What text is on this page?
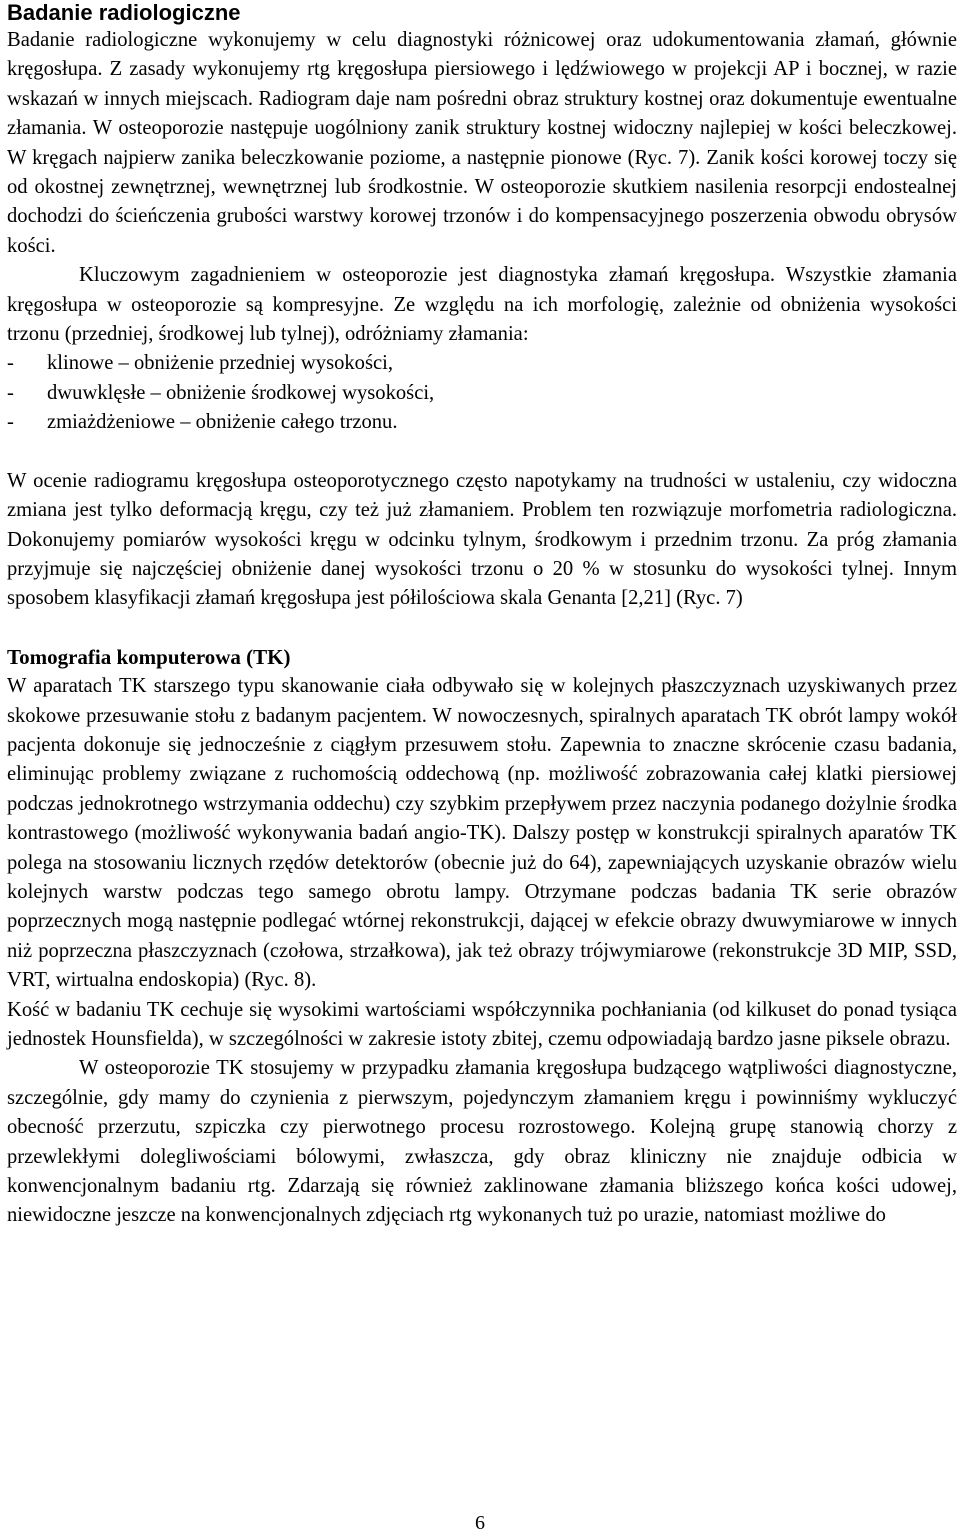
Badanie radiologiczne

Badanie radiologiczne wykonujemy w celu diagnostyki różnicowej oraz udokumentowania złamań, głównie kręgosłupa. Z zasady wykonujemy rtg kręgosłupa piersiowego i lędźwiowego w projekcji AP i bocznej, w razie wskazań w innych miejscach. Radiogram daje nam pośredni obraz struktury kostnej oraz dokumentuje ewentualne złamania. W osteoporozie następuje uogólniony zanik struktury kostnej widoczny najlepiej w kości beleczkowej. W kręgach najpierw zanika beleczkowanie poziome, a następnie pionowe (Ryc. 7). Zanik kości korowej toczy się od okostnej zewnętrznej, wewnętrznej lub środkostnie. W osteoporozie skutkiem nasilenia resorpcji endostealnej dochodzi do ścieńczenia grubości warstwy korowej trzonów i do kompensacyjnego poszerzenia obwodu obrysów kości.

Kluczowym zagadnieniem w osteoporozie jest diagnostyka złamań kręgosłupa. Wszystkie złamania kręgosłupa w osteoporozie są kompresyjne. Ze względu na ich morfologię, zależnie od obniżenia wysokości trzonu (przedniej, środkowej lub tylnej), odróżniamy złamania:

-	klinowe – obniżenie przedniej wysokości,
-	dwuwklęsłe – obniżenie środkowej wysokości,
-	zmiażdżeniowe – obniżenie całego trzonu.

W ocenie radiogramu kręgosłupa osteoporotycznego często napotykamy na trudności w ustaleniu, czy widoczna zmiana jest tylko deformacją kręgu, czy też już złamaniem. Problem ten rozwiązuje morfometria radiologiczna. Dokonujemy pomiarów wysokości kręgu w odcinku tylnym, środkowym i przednim trzonu. Za próg złamania przyjmuje się najczęściej obniżenie danej wysokości trzonu o 20 % w stosunku do wysokości tylnej. Innym sposobem klasyfikacji złamań kręgosłupa jest półilościowa skala Genanta [2,21] (Ryc. 7)

Tomografia komputerowa (TK)

W aparatach TK starszego typu skanowanie ciała odbywało się w kolejnych płaszczyznach uzyskiwanych przez skokowe przesuwanie stołu z badanym pacjentem. W nowoczesnych, spiralnych aparatach TK obrót lampy wokół pacjenta dokonuje się jednocześnie z ciągłym przesuwem stołu. Zapewnia to znaczne skrócenie czasu badania, eliminując problemy związane z ruchomością oddechową (np. możliwość zobrazowania całej klatki piersiowej podczas jednokrotnego wstrzymania oddechu) czy szybkim przepływem przez naczynia podanego dożylnie środka kontrastowego (możliwość wykonywania badań angio-TK). Dalszy postęp w konstrukcji spiralnych aparatów TK polega na stosowaniu licznych rzędów detektorów (obecnie już do 64), zapewniających uzyskanie obrazów wielu kolejnych warstw podczas tego samego obrotu lampy. Otrzymane podczas badania TK serie obrazów poprzecznych mogą następnie podlegać wtórnej rekonstrukcji, dającej w efekcie obrazy dwuwymiarowe w innych niż poprzeczna płaszczyznach (czołowa, strzałkowa), jak też obrazy trójwymiarowe (rekonstrukcje 3D MIP, SSD, VRT, wirtualna endoskopia) (Ryc. 8).

Kość w badaniu TK cechuje się wysokimi wartościami współczynnika pochłaniania (od kilkuset do ponad tysiąca jednostek Hounsfielda), w szczególności w zakresie istoty zbitej, czemu odpowiadają bardzo jasne piksele obrazu.

W osteoporozie TK stosujemy w przypadku złamania kręgosłupa budzącego wątpliwości diagnostyczne, szczególnie, gdy mamy do czynienia z pierwszym, pojedynczym złamaniem kręgu i powinniśmy wykluczyć obecność przerzutu, szpiczka czy pierwotnego procesu rozrostowego. Kolejną grupę stanowią chorzy z przewlekłymi dolegliwościami bólowymi, zwłaszcza, gdy obraz kliniczny nie znajduje odbicia w konwencjonalnym badaniu rtg. Zdarzają się również zaklinowane złamania bliższego końca kości udowej, niewidoczne jeszcze na konwencjonalnych zdjęciach rtg wykonanych tuż po urazie, natomiast możliwe do

6
